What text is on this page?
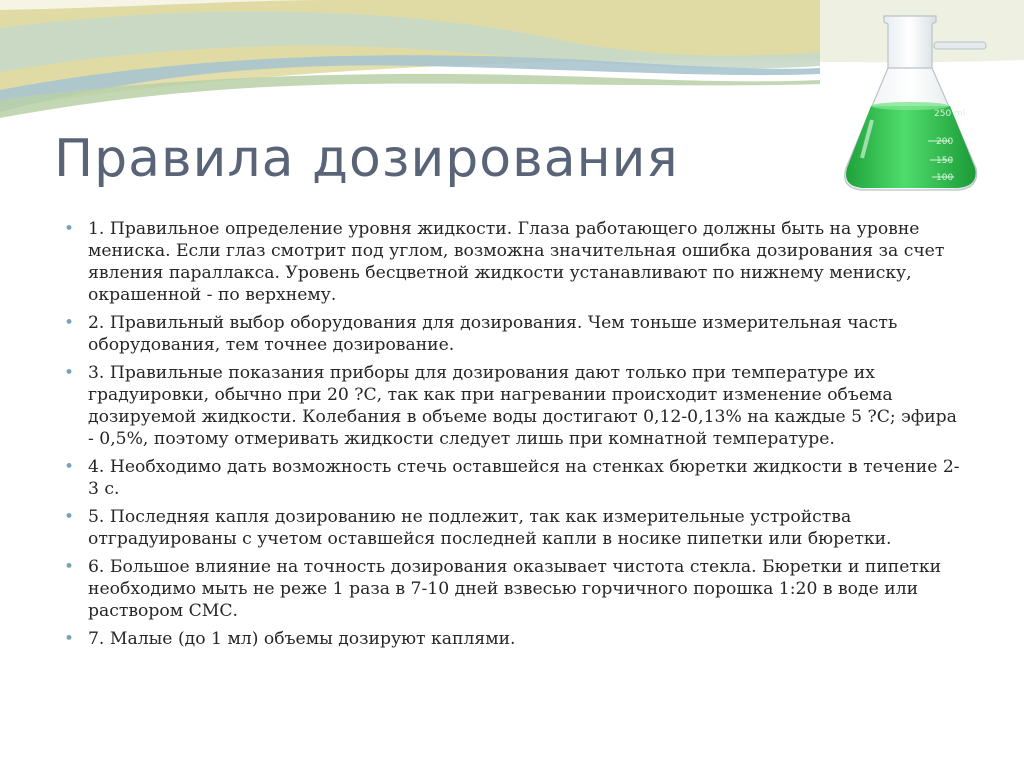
250 ml
200
150
100
Правила дозирования
• 1. Правильное определение уровня жидкости. Глаза работающего должны быть на уровне мениска. Если глаз смотрит под углом, возможна значительная ошибка дозирования за счет явления параллакса. Уровень бесцветной жидкости устанавливают по нижнему мениску, окрашенной - по верхнему.
• 2. Правильный выбор оборудования для дозирования. Чем тоньше измерительная часть оборудования, тем точнее дозирование.
• 3. Правильные показания приборы для дозирования дают только при температуре их градуировки, обычно при 20 ?С, так как при нагревании происходит изменение объема дозируемой жидкости. Колебания в объеме воды достигают 0,12-0,13% на каждые 5 ?С; эфира - 0,5%, поэтому отмеривать жидкости следует лишь при комнатной температуре.
• 4. Необходимо дать возможность стечь оставшейся на стенках бюретки жидкости в течение 2-3 с.
• 5. Последняя капля дозированию не подлежит, так как измерительные устройства отградуированы с учетом оставшейся последней капли в носике пипетки или бюретки.
• 6. Большое влияние на точность дозирования оказывает чистота стекла. Бюретки и пипетки необходимо мыть не реже 1 раза в 7-10 дней взвесью горчичного порошка 1:20 в воде или раствором СМС.
• 7. Малые (до 1 мл) объемы дозируют каплями.
